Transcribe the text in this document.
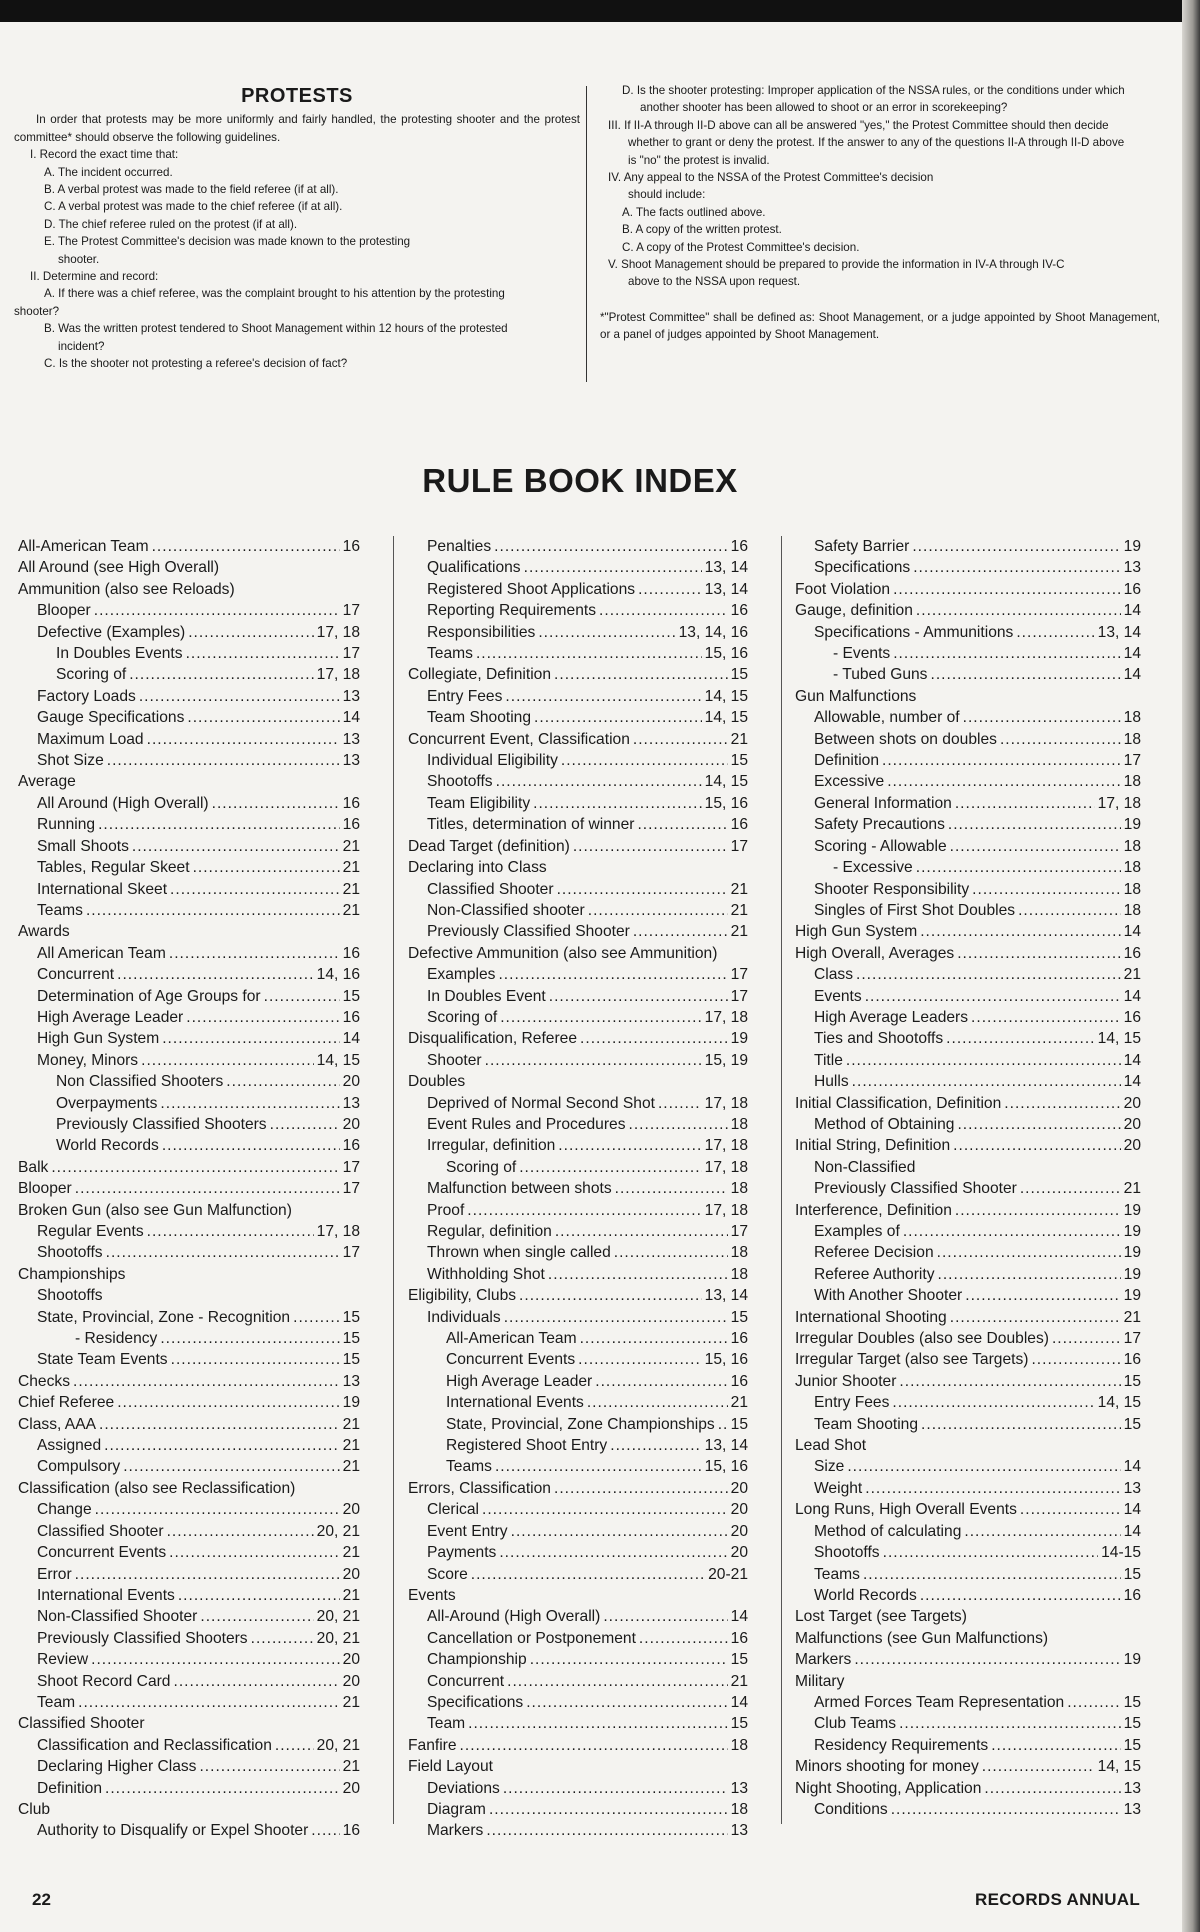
PROTESTS

In order that protests may be more uniformly and fairly handled, the protesting shooter and the protest committee* should observe the following guidelines.

I. Record the exact time that:

A. The incident occurred.

B. A verbal protest was made to the field referee (if at all).

C. A verbal protest was made to the chief referee (if at all).

D. The chief referee ruled on the protest (if at all).

E. The Protest Committee's decision was made known to the protesting

shooter.

II. Determine and record:

A. If there was a chief referee, was the complaint brought to his attention by the protesting

shooter?

B. Was the written protest tendered to Shoot Management within 12 hours of the protested

incident?

C. Is the shooter not protesting a referee's decision of fact?

D. Is the shooter protesting: Improper application of the NSSA rules, or the conditions under which

another shooter has been allowed to shoot or an error in scorekeeping?

III. If II-A through II-D above can all be answered "yes," the Protest Committee should then decide

whether to grant or deny the protest. If the answer to any of the questions II-A through II-D above

is "no" the protest is invalid.

IV. Any appeal to the NSSA of the Protest Committee's decision

should include:

A. The facts outlined above.

B. A copy of the written protest.

C. A copy of the Protest Committee's decision.

V. Shoot Management should be prepared to provide the information in IV-A through IV-C

above to the NSSA upon request.

*"Protest Committee" shall be defined as: Shoot Management, or a judge appointed by Shoot Management, or a panel of judges appointed by Shoot Management.

RULE BOOK INDEX
All-American Team .....	16
All Around (see High Overall)
Ammunition (also see Reloads)
Blooper .....	17
Defective (Examples) .....	17, 18
In Doubles Events .....	17
Scoring of .....	17, 18
Factory Loads .....	13
Gauge Specifications .....	14
Maximum Load .....	13
Shot Size .....	13
Average
All Around (High Overall) .....	16
Running .....	16
Small Shoots .....	21
Tables, Regular Skeet .....	21
International Skeet .....	21
Teams .....	21
Awards
All American Team .....	16
Concurrent .....	14, 16
Determination of Age Groups for .....	15
High Average Leader .....	16
High Gun System .....	14
Money, Minors .....	14, 15
Non Classified Shooters .....	20
Overpayments .....	13
Previously Classified Shooters .....	20
World Records .....	16
Balk .....	17
Blooper .....	17
Broken Gun (also see Gun Malfunction)
Regular Events .....	17, 18
Shootoffs .....	17
Championships
Shootoffs
State, Provincial, Zone - Recognition .....	15
- Residency .....	15
State Team Events .....	15
Checks .....	13
Chief Referee .....	19
Class, AAA .....	21
Assigned .....	21
Compulsory .....	21
Classification (also see Reclassification)
Change .....	20
Classified Shooter .....	20, 21
Concurrent Events .....	21
Error .....	20
International Events .....	21
Non-Classified Shooter .....	20, 21
Previously Classified Shooters .....	20, 21
Review .....	20
Shoot Record Card .....	20
Team .....	21
Classified Shooter
Classification and Reclassification .....	20, 21
Declaring Higher Class .....	21
Definition .....	20
Club
Authority to Disqualify or Expel Shooter ..... 16
Penalties .....	16
Qualifications .....	13, 14
Registered Shoot Applications .....	13, 14
Reporting Requirements .....	16
Responsibilities .....	13, 14, 16
Teams .....	15, 16
Collegiate, Definition .....	15
Entry Fees .....	14, 15
Team Shooting .....	14, 15
Concurrent Event, Classification .....	21
Individual Eligibility .....	15
Shootoffs .....	14, 15
Team Eligibility .....	15, 16
Titles, determination of winner .....	16
Dead Target (definition) .....	17
Declaring into Class
Classified Shooter .....	21
Non-Classified shooter .....	21
Previously Classified Shooter .....	21
Defective Ammunition (also see Ammunition)
Examples .....	17
In Doubles Event .....	17
Scoring of .....	17, 18
Disqualification, Referee .....	19
Shooter .....	15, 19
Doubles
Deprived of Normal Second Shot .....	17, 18
Event Rules and Procedures .....	18
Irregular, definition .....	17, 18
Scoring of .....	17, 18
Malfunction between shots .....	18
Proof .....	17, 18
Regular, definition .....	17
Thrown when single called .....	18
Withholding Shot .....	18
Eligibility, Clubs .....	13, 14
Individuals .....	15
All-American Team .....	16
Concurrent Events .....	15, 16
High Average Leader .....	16
International Events .....	21
State, Provincial, Zone Championships ..... 15
Registered Shoot Entry .....	13, 14
Teams .....	15, 16
Errors, Classification .....	20
Clerical .....	20
Event Entry .....	20
Payments .....	20
Score .....	20-21
Events
All-Around (High Overall) .....	14
Cancellation or Postponement .....	16
Championship .....	15
Concurrent .....	21
Specifications .....	14
Team .....	15
Fanfire .....	18
Field Layout
Deviations .....	13
Diagram .....	18
Markers .....	13
Safety Barrier .....	19
Specifications .....	13
Foot Violation .....	16
Gauge, definition .....	14
Specifications - Ammunitions .....	13, 14
- Events .....	14
- Tubed Guns .....	14
Gun Malfunctions
Allowable, number of .....	18
Between shots on doubles .....	18
Definition .....	17
Excessive .....	18
General Information .....	17, 18
Safety Precautions .....	19
Scoring - Allowable .....	18
- Excessive .....	18
Shooter Responsibility .....	18
Singles of First Shot Doubles .....	18
High Gun System .....	14
High Overall, Averages .....	16
Class .....	21
Events .....	14
High Average Leaders .....	16
Ties and Shootoffs .....	14, 15
Title .....	14
Hulls .....	14
Initial Classification, Definition .....	20
Method of Obtaining .....	20
Initial String, Definition .....	20
Non-Classified
Previously Classified Shooter .....	21
Interference, Definition .....	19
Examples of .....	19
Referee Decision .....	19
Referee Authority .....	19
With Another Shooter .....	19
International Shooting .....	21
Irregular Doubles (also see Doubles) .....	17
Irregular Target (also see Targets) .....	16
Junior Shooter .....	15
Entry Fees .....	14, 15
Team Shooting .....	15
Lead Shot
Size .....	14
Weight .....	13
Long Runs, High Overall Events .....	14
Method of calculating .....	14
Shootoffs .....	14-15
Teams .....	15
World Records .....	16
Lost Target (see Targets)
Malfunctions (see Gun Malfunctions)
Markers .....	19
Military
Armed Forces Team Representation .....	15
Club Teams .....	15
Residency Requirements .....	15
Minors shooting for money .....	14, 15
Night Shooting, Application .....	13
Conditions .....	13
22	RECORDS ANNUAL
